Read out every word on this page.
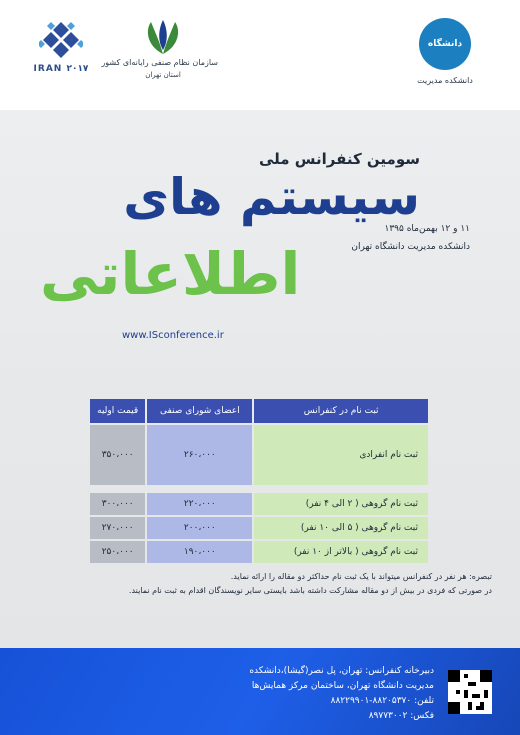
IRAN ۲۰۱۷
سازمان نظام صنفی رایانه‌ای کشور
استان تهران
دانشگاه تهران
دانشکده مدیریت
سومین کنفرانس ملی
سیستم های
۱۱ و ۱۲ بهمن‌ماه ۱۳۹۵
دانشکده مدیریت دانشگاه تهران
اطلاعاتی
www.ISconference.ir
ثبت نام در کنفرانس	اعضای شورای صنفی	قیمت اولیه
ثبت نام انفرادی	۲۶۰،۰۰۰	۳۵۰،۰۰۰

ثبت نام گروهی ( ۲ الی ۴ نفر)	۲۲۰،۰۰۰	۳۰۰،۰۰۰
ثبت نام گروهی ( ۵ الی ۱۰ نفر)	۲۰۰،۰۰۰	۲۷۰،۰۰۰
ثبت نام گروهی ( بالاتر از ۱۰ نفر)	۱۹۰،۰۰۰	۲۵۰،۰۰۰
تبصره: هر نفر در کنفرانس میتواند با یک ثبت نام حداکثر دو مقاله را ارائه نماید.
در صورتی که فردی در بیش از دو مقاله مشارکت داشته باشد بایستی سایر نویسندگان اقدام به ثبت نام نمایند.
دبیرخانه کنفرانس: تهران، پل نصر(گیشا)،دانشکده
مدیریت دانشگاه تهران، ساختمان مرکز همایش‌ها
تلفن: ۸۸۲۰۵۳۷۰-۸۸۲۲۹۹۰۱
فکس: ۸۹۷۷۳۰۰۲
